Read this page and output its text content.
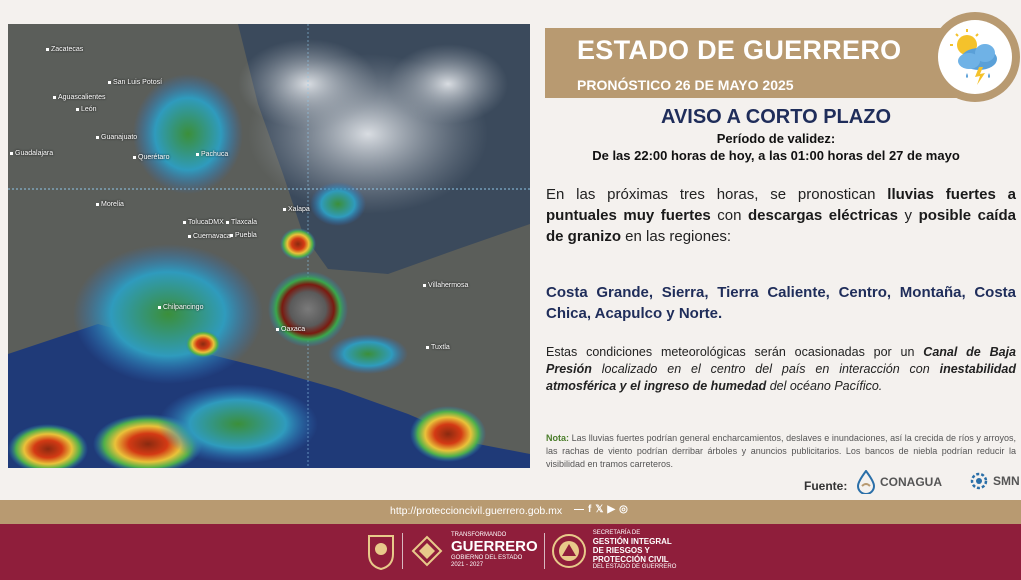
Zacatecas
San Luis Potosí
Aguascalientes
León
Guanajuato
Querétaro
Guadalajara	Pachuca
Morelia
TolucaDMX	Tlaxcala
Xalapa
Cuernavaca Puebla
Chilpancingo
Oaxaca
Villahermosa
Tuxtla
ESTADO DE GUERRERO
PRONÓSTICO 26 DE MAYO 2025
AVISO A CORTO PLAZO
Período de validez:
De las 22:00 horas de hoy, a las 01:00 horas del 27 de mayo
En las próximas tres horas, se pronostican lluvias fuertes a puntuales muy fuertes con descargas eléctricas y posible caída de granizo en las regiones:
Costa Grande, Sierra, Tierra Caliente, Centro, Montaña, Costa Chica, Acapulco y Norte.
Estas condiciones meteorológicas serán ocasionadas por un Canal de Baja Presión localizado en el centro del país en interacción con inestabilidad atmosférica y el ingreso de humedad del océano Pacífico.
Nota: Las lluvias fuertes podrían general encharcamientos, deslaves e inundaciones, así la crecida de ríos y arroyos, las rachas de viento podrían derribar árboles y anuncios publicitarios. Los bancos de niebla podrían reducir la visibilidad en tramos carreteros.
Fuente:	CONAGUA	SMN
http://proteccioncivil.guerrero.gob.mx — f 𝕏 ▶ ◎
TRANSFORMANDO
GUERRERO
GOBIERNO DEL ESTADO
2021 - 2027
SECRETARÍA DE
GESTIÓN INTEGRAL
DE RIESGOS Y
PROTECCIÓN CIVIL
DEL ESTADO DE GUERRERO
